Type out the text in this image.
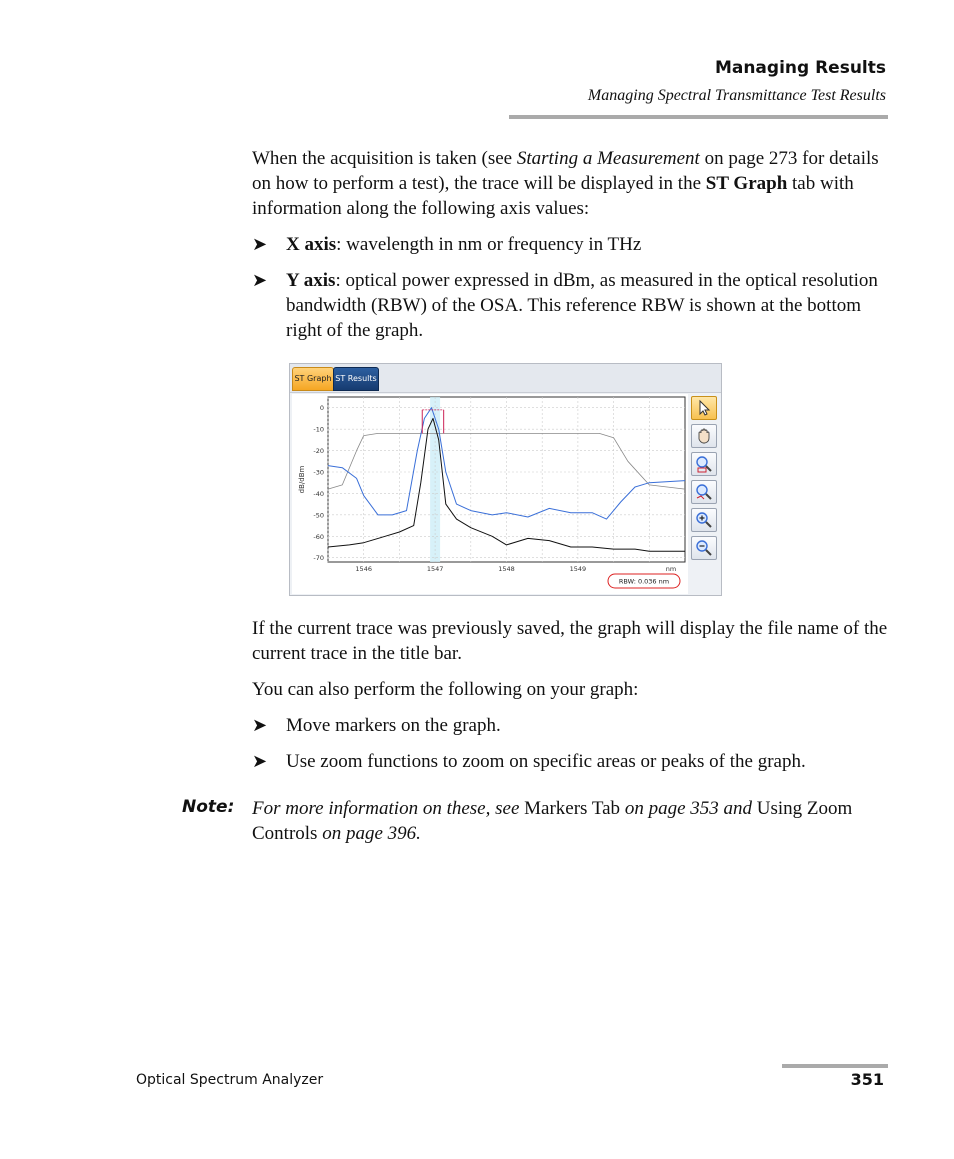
Managing Results
Managing Spectral Transmittance Test Results

When the acquisition is taken (see Starting a Measurement on page 273 for details on how to perform a test), the trace will be displayed in the ST Graph tab with information along the following axis values:

➤ X axis: wavelength in nm or frequency in THz
➤ Y axis: optical power expressed in dBm, as measured in the optical resolution bandwidth (RBW) of the OSA. This reference RBW is shown at the bottom right of the graph.
ST Graph ST Results
0
-10
-20
-30
-40
-50
-60
-70
1546	1547	1548	1549	nm
dB/dBm
RBW: 0.036 nm

If the current trace was previously saved, the graph will display the file name of the current trace in the title bar.

You can also perform the following on your graph:

➤ Move markers on the graph.
➤ Use zoom functions to zoom on specific areas or peaks of the graph.
Note: For more information on these, see Markers Tab on page 353 and Using Zoom Controls on page 396.
Optical Spectrum Analyzer	351
